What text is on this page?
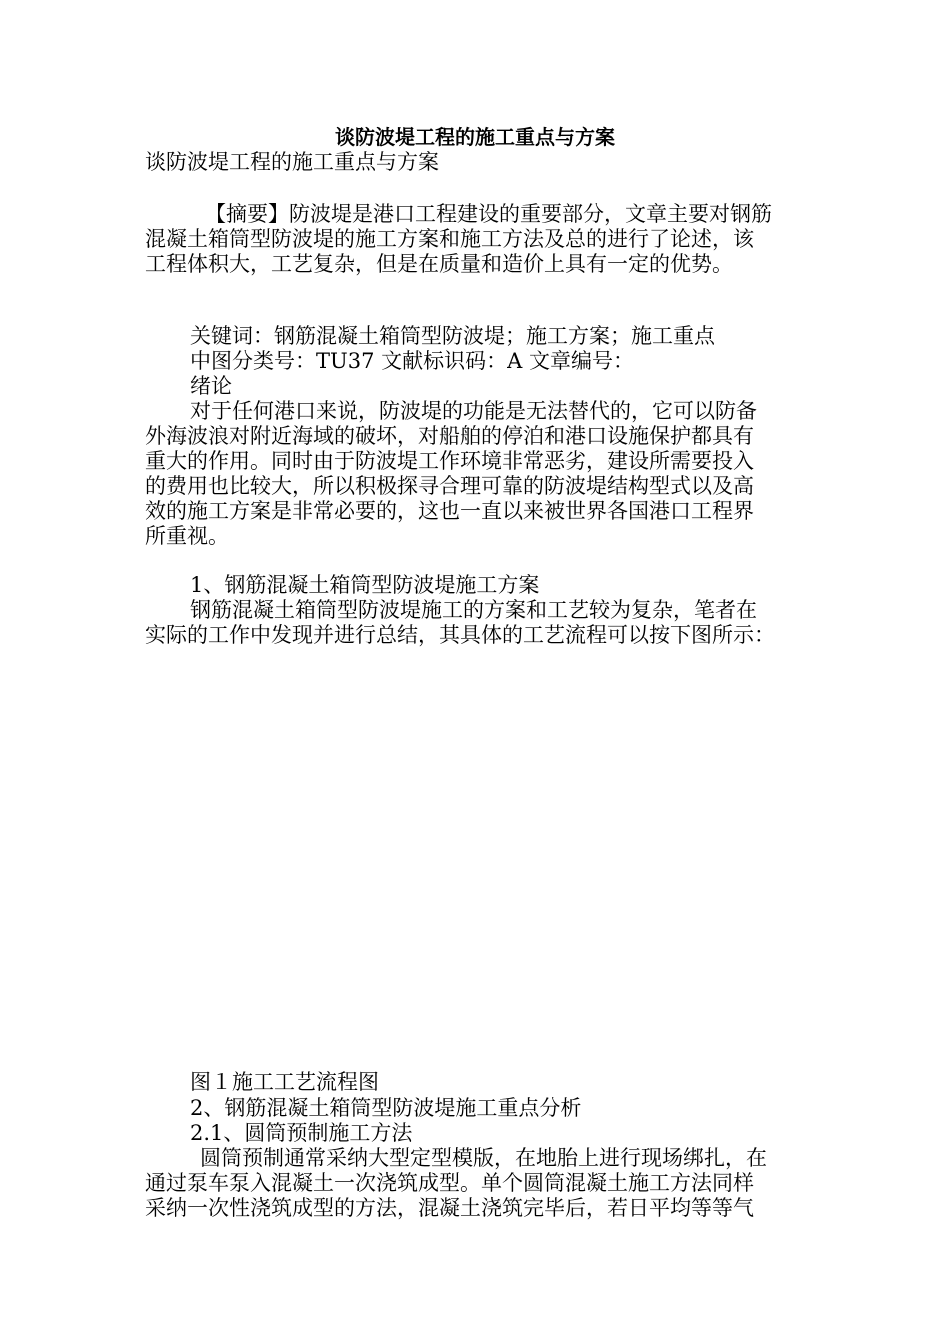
谈防波堤工程的施工重点与方案
谈防波堤工程的施工重点与方案
【摘要】防波堤是港口工程建设的重要部分，文章主要对钢筋
混凝土箱筒型防波堤的施工方案和施工方法及总的进行了论述，该
工程体积大，工艺复杂，但是在质量和造价上具有一定的优势。
关键词：钢筋混凝土箱筒型防波堤；施工方案；施工重点
中图分类号：TU37 文献标识码：A 文章编号：
绪论
对于任何港口来说，防波堤的功能是无法替代的，它可以防备
外海波浪对附近海域的破坏，对船舶的停泊和港口设施保护都具有
重大的作用。同时由于防波堤工作环境非常恶劣，建设所需要投入
的费用也比较大，所以积极探寻合理可靠的防波堤结构型式以及高
效的施工方案是非常必要的，这也一直以来被世界各国港口工程界
所重视。
1、钢筋混凝土箱筒型防波堤施工方案
钢筋混凝土箱筒型防波堤施工的方案和工艺较为复杂，笔者在
实际的工作中发现并进行总结，其具体的工艺流程可以按下图所示：
图１施工工艺流程图
2、钢筋混凝土箱筒型防波堤施工重点分析
2.1、圆筒预制施工方法
圆筒预制通常采纳大型定型模版，在地胎上进行现场绑扎，在
通过泵车泵入混凝土一次浇筑成型。单个圆筒混凝土施工方法同样
采纳一次性浇筑成型的方法，混凝土浇筑完毕后，若日平均等等气
